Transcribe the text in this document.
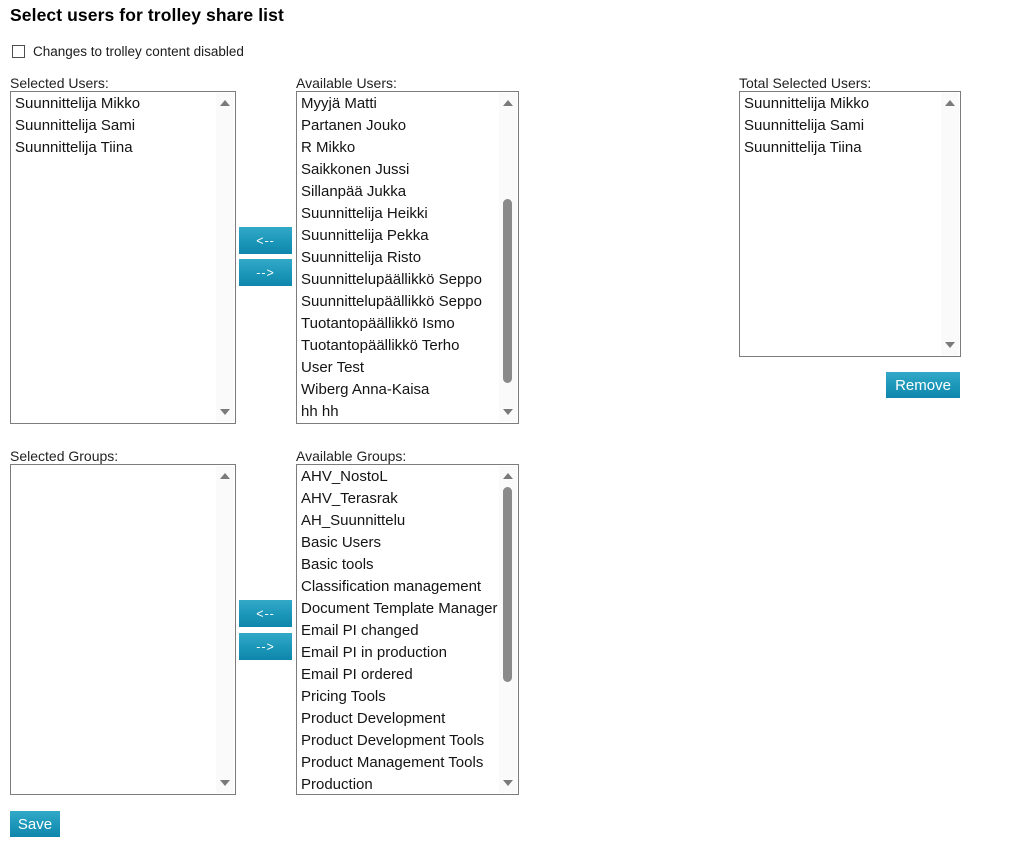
Select users for trolley share list
Changes to trolley content disabled
Selected Users:
Suunnittelija Mikko
Suunnittelija Sami
Suunnittelija Tiina
<--
-->
Available Users:
Myyjä Matti
Partanen Jouko
R Mikko
Saikkonen Jussi
Sillanpää Jukka
Suunnittelija Heikki
Suunnittelija Pekka
Suunnittelija Risto
Suunnittelupäällikkö Seppo
Suunnittelupäällikkö Seppo
Tuotantopäällikkö Ismo
Tuotantopäällikkö Terho
User Test
Wiberg Anna-Kaisa
hh hh
Total Selected Users:
Suunnittelija Mikko
Suunnittelija Sami
Suunnittelija Tiina
Remove
Selected Groups:
<--
-->
Available Groups:
AHV_NostoL
AHV_Terasrak
AH_Suunnittelu
Basic Users
Basic tools
Classification management
Document Template Manager
Email PI changed
Email PI in production
Email PI ordered
Pricing Tools
Product Development
Product Development Tools
Product Management Tools
Production
Save
